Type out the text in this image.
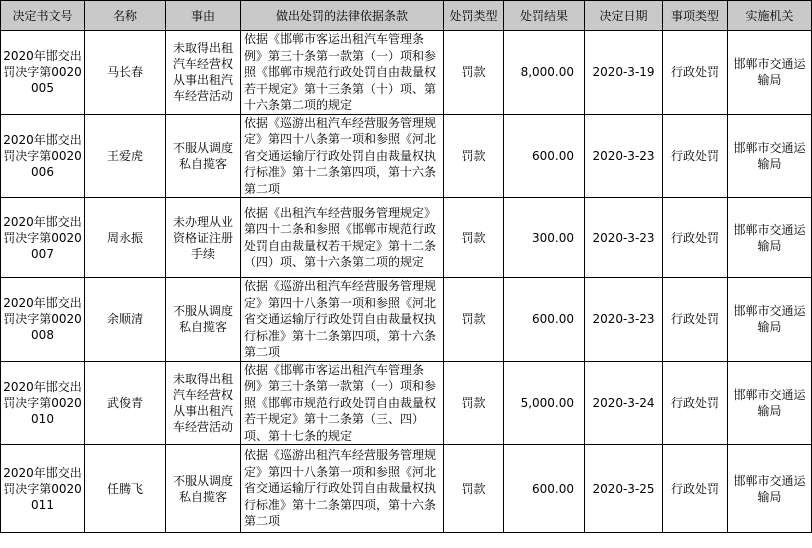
决定书文号	名称	事由	做出处罚的法律依据条款	处罚类型	处罚结果	决定日期	事项类型	实施机关
2020年邯交出罚决字第0020005	马长春	未取得出租汽车经营权从事出租汽车经营活动	依据《邯郸市客运出租汽车管理条例》第三十条第一款第（一）项和参照《邯郸市规范行政处罚自由裁量权若干规定》第十三条第（十）项、第十六条第二项的规定	罚款	8,000.00	2020-3-19	行政处罚	邯郸市交通运输局
2020年邯交出罚决字第0020006	王爱虎	不服从调度私自揽客	依据《巡游出租汽车经营服务管理规定》第四十八条第一项和参照《河北省交通运输厅行政处罚自由裁量权执行标准》第十二条第四项，第十六条第二项	罚款	600.00	2020-3-23	行政处罚	邯郸市交通运输局
2020年邯交出罚决字第0020007	周永振	未办理从业资格证注册手续	依据《出租汽车经营服务管理规定》第四十二条和参照《邯郸市规范行政处罚自由裁量权若干规定》第十二条（四）项、第十六条第二项的规定	罚款	300.00	2020-3-23	行政处罚	邯郸市交通运输局
2020年邯交出罚决字第0020008	余顺清	不服从调度私自揽客	依据《巡游出租汽车经营服务管理规定》第四十八条第一项和参照《河北省交通运输厅行政处罚自由裁量权执行标准》第十二条第四项，第十六条第二项	罚款	600.00	2020-3-23	行政处罚	邯郸市交通运输局
2020年邯交出罚决字第0020010	武俊青	未取得出租汽车经营权从事出租汽车经营活动	依据《邯郸市客运出租汽车管理条例》第三十条第一款第（一）项和参照《邯郸市规范行政处罚自由裁量权若干规定》第十二条第（三、四）项、第十七条的规定	罚款	5,000.00	2020-3-24	行政处罚	邯郸市交通运输局
2020年邯交出罚决字第0020011	任腾飞	不服从调度私自揽客	依据《巡游出租汽车经营服务管理规定》第四十八条第一项和参照《河北省交通运输厅行政处罚自由裁量权执行标准》第十二条第四项，第十六条第二项	罚款	600.00	2020-3-25	行政处罚	邯郸市交通运输局
